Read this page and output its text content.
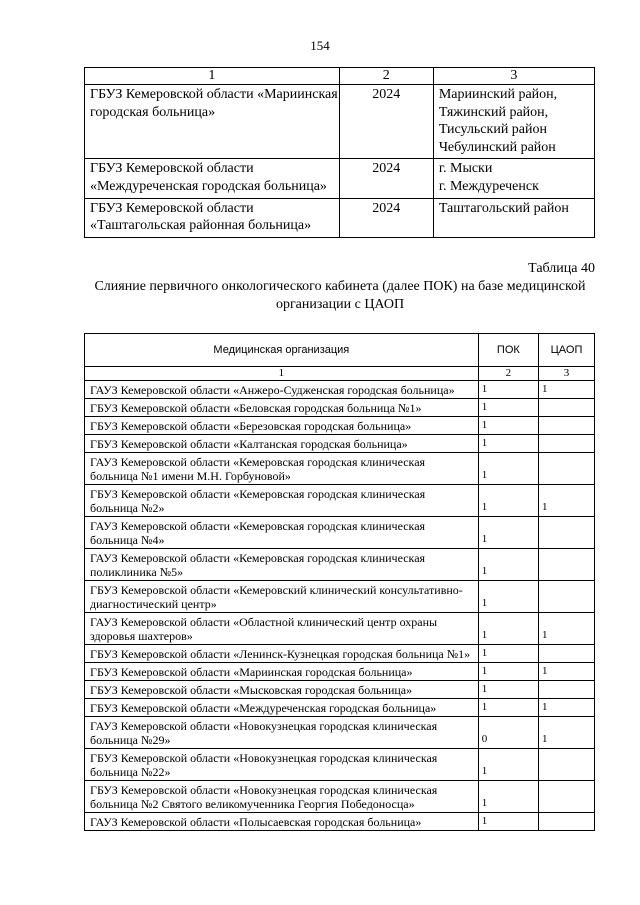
154
1	2	3
ГБУЗ Кемеровской области «Мариинская городская больница»	2024	Мариинский район,
Тяжинский район,
Тисульский район
Чебулинский район

ГБУЗ Кемеровской области «Междуреченская городская больница»	2024	г. Мыски
г. Междуреченск

ГБУЗ Кемеровской области «Таштагольская районная больница»	2024	Таштагольский район
Таблица 40
Слияние первичного онкологического кабинета (далее ПОК) на базе медицинской организации с ЦАОП
Медицинская организация	ПОК	ЦАОП
1	2	3
ГАУЗ Кемеровской области «Анжеро-Судженская городская больница»	1	1
ГБУЗ Кемеровской области «Беловская городская больница №1»	1	
ГБУЗ Кемеровской области «Березовская городская больница»	1	
ГБУЗ Кемеровской области «Калтанская городская больница»	1	
ГАУЗ Кемеровской области «Кемеровская городская клиническая больница №1 имени М.Н. Горбуновой»	1	
ГБУЗ Кемеровской области «Кемеровская городская клиническая больница №2»	1	1
ГАУЗ Кемеровской области «Кемеровская городская клиническая больница №4»	1	
ГАУЗ Кемеровской области «Кемеровская городская клиническая поликлиника №5»	1	
ГБУЗ Кемеровской области «Кемеровский клинический консультативно-диагностический центр»	1	
ГАУЗ Кемеровской области «Областной клинический центр охраны здоровья шахтеров»	1	1
ГБУЗ Кемеровской области «Ленинск-Кузнецкая городская больница №1»	1	
ГБУЗ Кемеровской области «Мариинская городская больница»	1	1
ГБУЗ Кемеровской области «Мысковская городская больница»	1	
ГБУЗ Кемеровской области «Междуреченская городская больница»	1	1
ГАУЗ Кемеровской области «Новокузнецкая городская клиническая больница №29»	0	1
ГБУЗ Кемеровской области «Новокузнецкая городская клиническая больница №22»	1	
ГБУЗ Кемеровской области «Новокузнецкая городская клиническая больница №2 Святого великомученника Георгия Победоносца»	1	
ГАУЗ Кемеровской области «Полысаевская городская больница»	1	
